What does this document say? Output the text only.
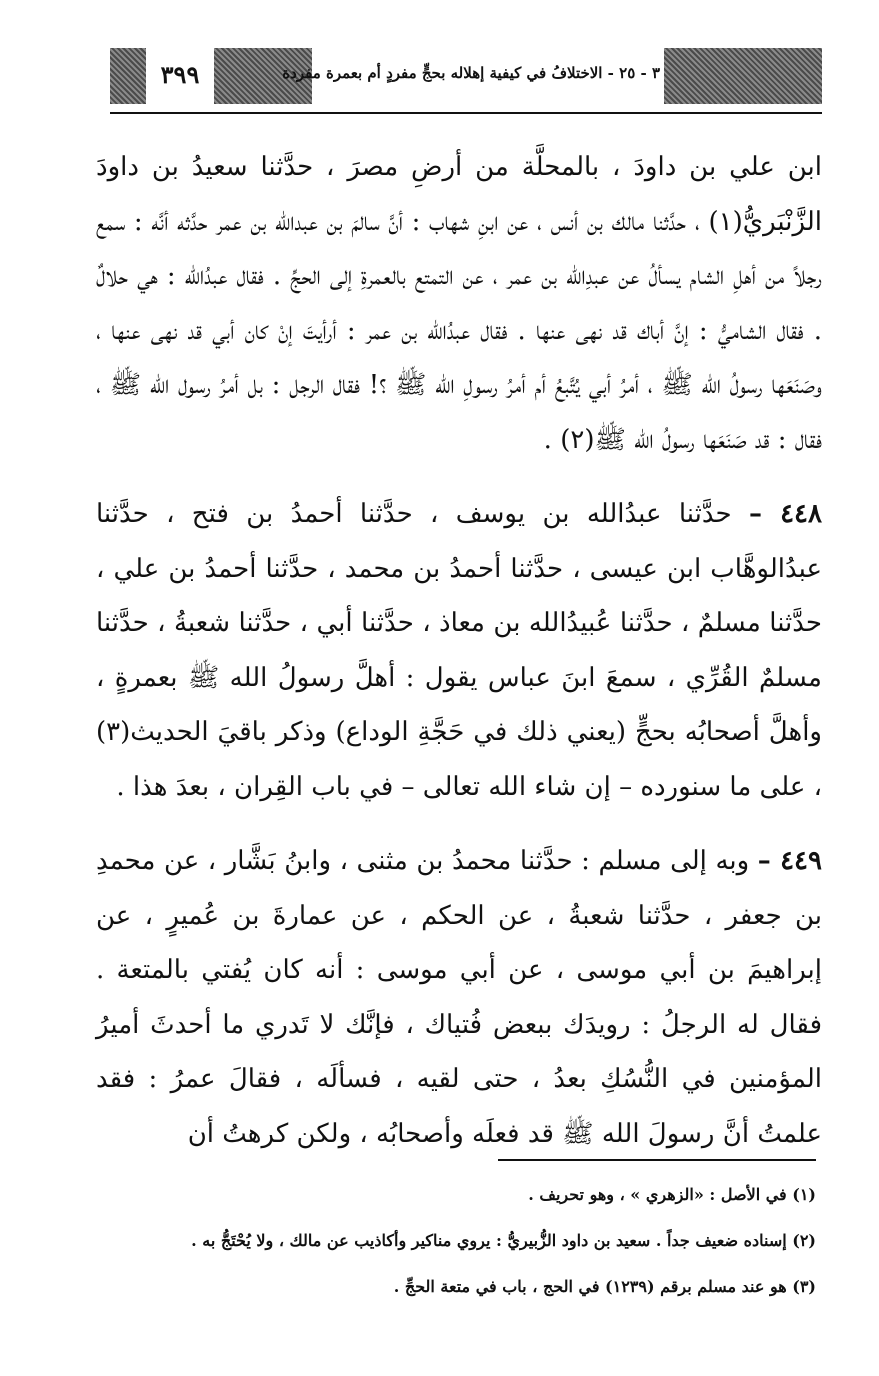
٣٩٩	٣ - ٢٥ - الاختلافُ في كيفية إهلاله بحجٍّ مفردٍ أم بعمرة مفردة

ابن علي بن داودَ ، بالمحلَّة من أرضِ مصرَ ، حدَّثنا سعيدُ بن داودَ الزَّنْبَريُّ(١) ، حدَّثنا مالك بن أنس ، عن ابنِ شهاب : أنَّ سالمَ بن عبدالله بن عمر حدَّثه أنَّه : سمع رجلاً من أهلِ الشام يسألُ عن عبدِالله بن عمر ، عن التمتع بالعمرةِ إلى الحجِّ . فقال عبدُالله : هي حلالٌ . فقال الشاميُّ : إنَّ أباك قد نهى عنها . فقال عبدُالله بن عمر : أرأيتَ إنْ كان أبي قد نهى عنها ، وصَنَعَها رسولُ الله ﷺ ، أمرُ أبي يُتَّبعُ أم أمرُ رسولِ الله ﷺ ؟! فقال الرجل : بل أمرُ رسول الله ﷺ ، فقال : قد صَنَعَها رسولُ الله ﷺ(٢) .

٤٤٨ – حدَّثنا عبدُالله بن يوسف ، حدَّثنا أحمدُ بن فتح ، حدَّثنا عبدُالوهَّاب ابن عيسى ، حدَّثنا أحمدُ بن محمد ، حدَّثنا أحمدُ بن علي ، حدَّثنا مسلمٌ ، حدَّثنا عُبيدُالله بن معاذ ، حدَّثنا أبي ، حدَّثنا شعبةُ ، حدَّثنا مسلمٌ القُرِّي ، سمعَ ابنَ عباس يقول : أهلَّ رسولُ الله ﷺ بعمرةٍ ، وأهلَّ أصحابُه بحجٍّ (يعني ذلك في حَجَّةِ الوداع) وذكر باقيَ الحديث(٣) ، على ما سنورده – إن شاء الله تعالى – في باب القِران ، بعدَ هذا .

٤٤٩ – وبه إلى مسلم : حدَّثنا محمدُ بن مثنى ، وابنُ بَشَّار ، عن محمدِ بن جعفر ، حدَّثنا شعبةُ ، عن الحكم ، عن عمارةَ بن عُميرٍ ، عن إبراهيمَ بن أبي موسى ، عن أبي موسى : أنه كان يُفتي بالمتعة . فقال له الرجلُ : رويدَك ببعض فُتياك ، فإنَّك لا تَدري ما أحدثَ أميرُ المؤمنين في النُّسُكِ بعدُ ، حتى لقيه ، فسألَه ، فقالَ عمرُ : فقد علمتُ أنَّ رسولَ الله ﷺ قد فعلَه وأصحابُه ، ولكن كرهتُ أن

(١) في الأصل : «الزهري » ، وهو تحريف .
(٢) إسناده ضعيف جداً . سعيد بن داود الزُّبيريُّ : يروي مناكير وأكاذيب عن مالك ، ولا يُحْتَجُّ به .
(٣) هو عند مسلم برقم (١٢٣٩) في الحج ، باب في متعة الحجِّ .
